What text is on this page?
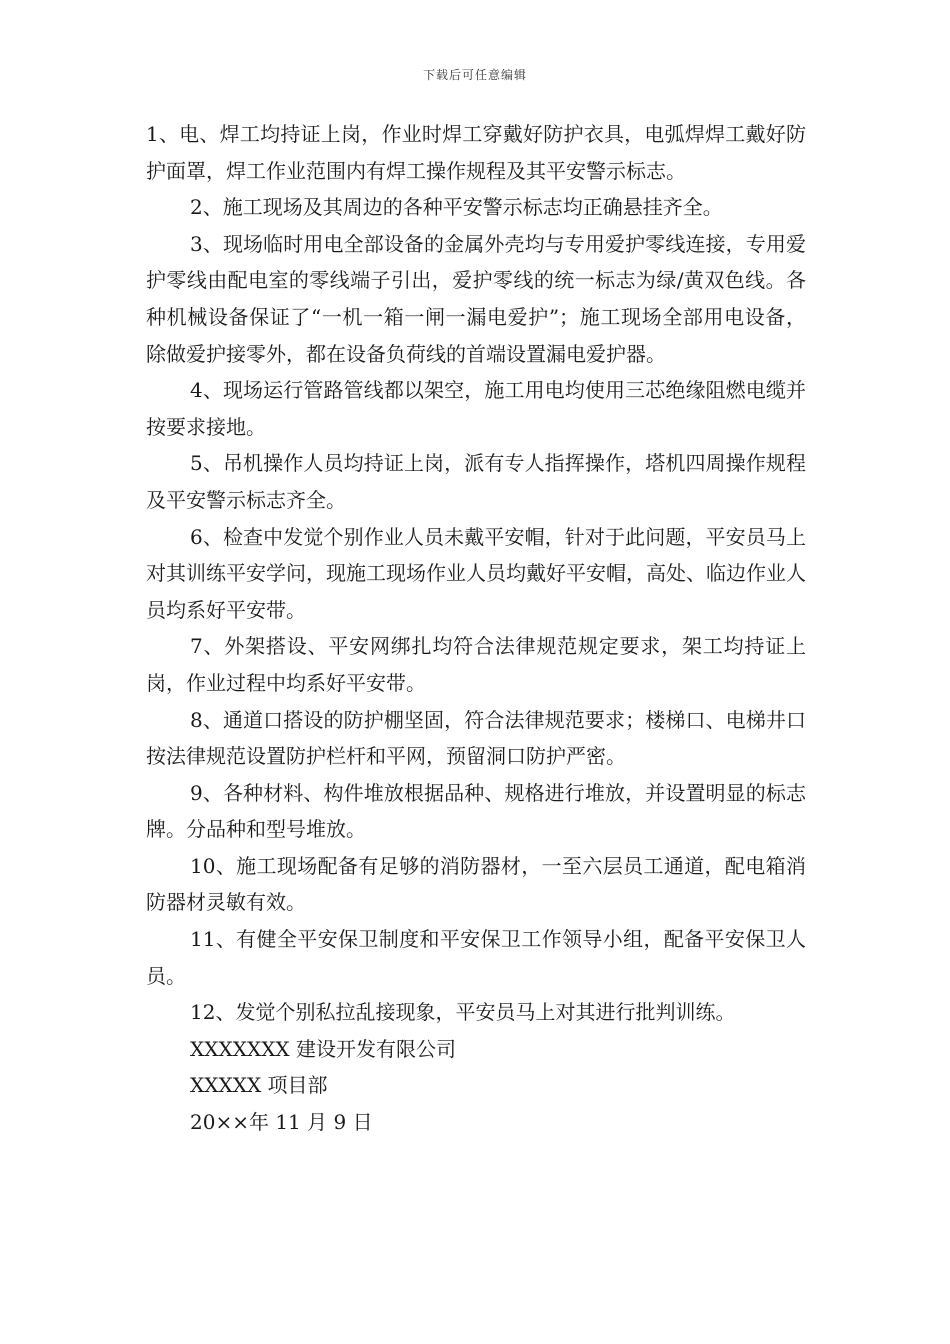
下载后可任意编辑

1、电、焊工均持证上岗，作业时焊工穿戴好防护衣具，电弧焊焊工戴好防护面罩，焊工作业范围内有焊工操作规程及其平安警示标志。

2、施工现场及其周边的各种平安警示标志均正确悬挂齐全。

3、现场临时用电全部设备的金属外壳均与专用爱护零线连接，专用爱护零线由配电室的零线端子引出，爱护零线的统一标志为绿/黄双色线。各种机械设备保证了“一机一箱一闸一漏电爱护”；施工现场全部用电设备，除做爱护接零外，都在设备负荷线的首端设置漏电爱护器。

4、现场运行管路管线都以架空，施工用电均使用三芯绝缘阻燃电缆并按要求接地。

5、吊机操作人员均持证上岗，派有专人指挥操作，塔机四周操作规程及平安警示标志齐全。

6、检查中发觉个别作业人员未戴平安帽，针对于此问题，平安员马上对其训练平安学问，现施工现场作业人员均戴好平安帽，高处、临边作业人员均系好平安带。

7、外架搭设、平安网绑扎均符合法律规范规定要求，架工均持证上岗，作业过程中均系好平安带。

8、通道口搭设的防护棚坚固，符合法律规范要求；楼梯口、电梯井口按法律规范设置防护栏杆和平网，预留洞口防护严密。

9、各种材料、构件堆放根据品种、规格进行堆放，并设置明显的标志牌。分品种和型号堆放。

10、施工现场配备有足够的消防器材，一至六层员工通道，配电箱消防器材灵敏有效。

11、有健全平安保卫制度和平安保卫工作领导小组，配备平安保卫人员。

12、发觉个别私拉乱接现象，平安员马上对其进行批判训练。

XXXXXXX 建设开发有限公司

XXXXX 项目部

20××年 11 月 9 日
